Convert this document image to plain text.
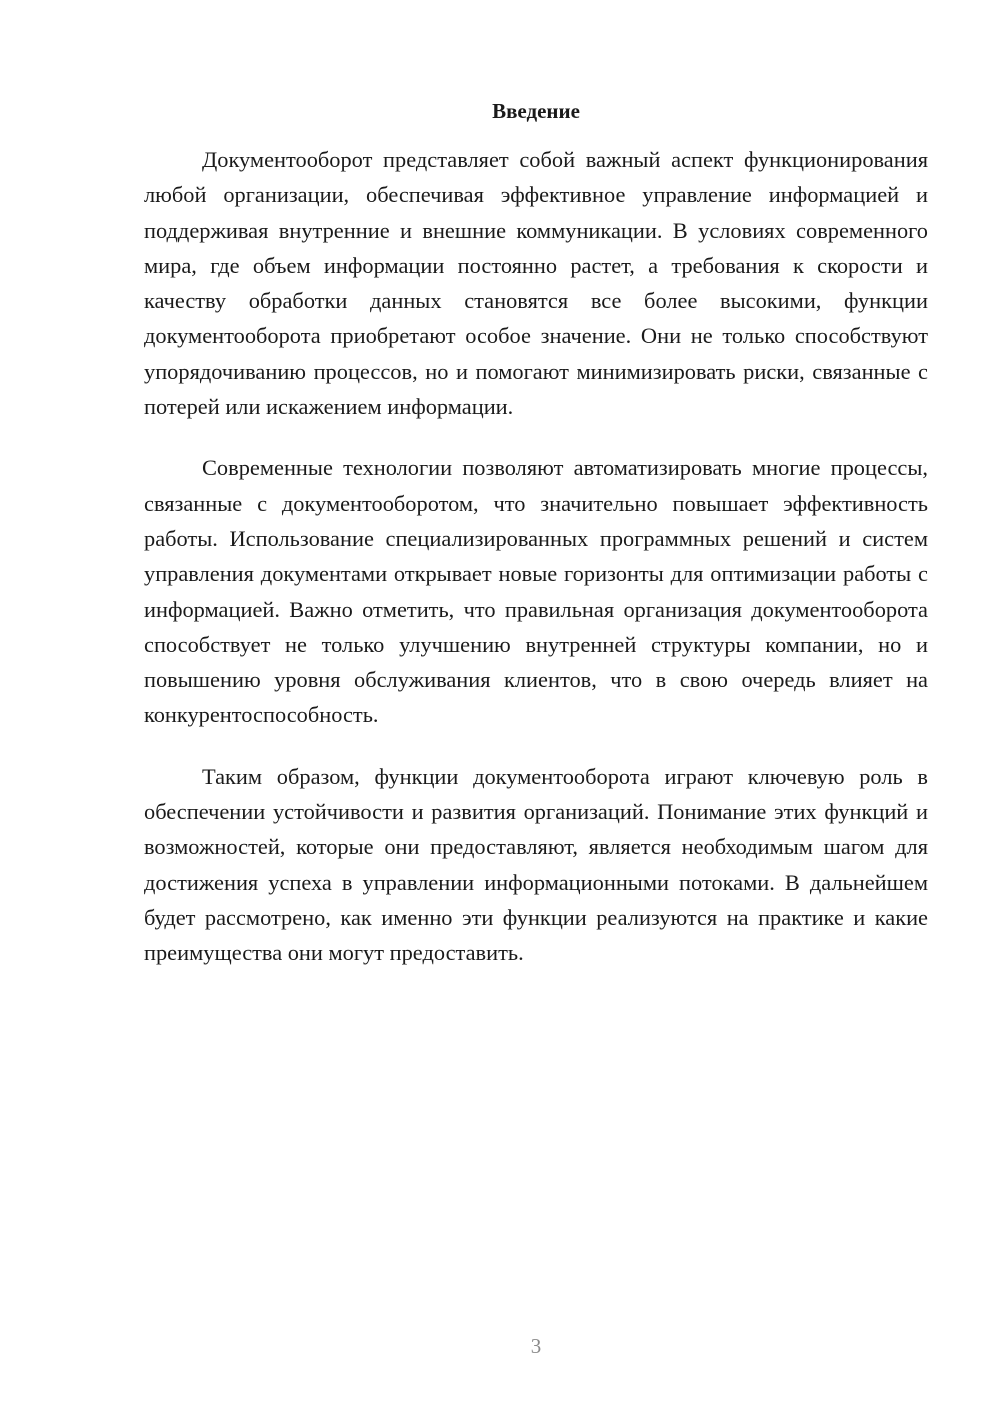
Введение

Документооборот представляет собой важный аспект функционирования любой организации, обеспечивая эффективное управление информацией и поддерживая внутренние и внешние коммуникации. В условиях современного мира, где объем информации постоянно растет, а требования к скорости и качеству обработки данных становятся все более высокими, функции документооборота приобретают особое значение. Они не только способствуют упорядочиванию процессов, но и помогают минимизировать риски, связанные с потерей или искажением информации.

Современные технологии позволяют автоматизировать многие процессы, связанные с документооборотом, что значительно повышает эффективность работы. Использование специализированных программных решений и систем управления документами открывает новые горизонты для оптимизации работы с информацией. Важно отметить, что правильная организация документооборота способствует не только улучшению внутренней структуры компании, но и повышению уровня обслуживания клиентов, что в свою очередь влияет на конкурентоспособность.

Таким образом, функции документооборота играют ключевую роль в обеспечении устойчивости и развития организаций. Понимание этих функций и возможностей, которые они предоставляют, является необходимым шагом для достижения успеха в управлении информационными потоками. В дальнейшем будет рассмотрено, как именно эти функции реализуются на практике и какие преимущества они могут предоставить.

3
